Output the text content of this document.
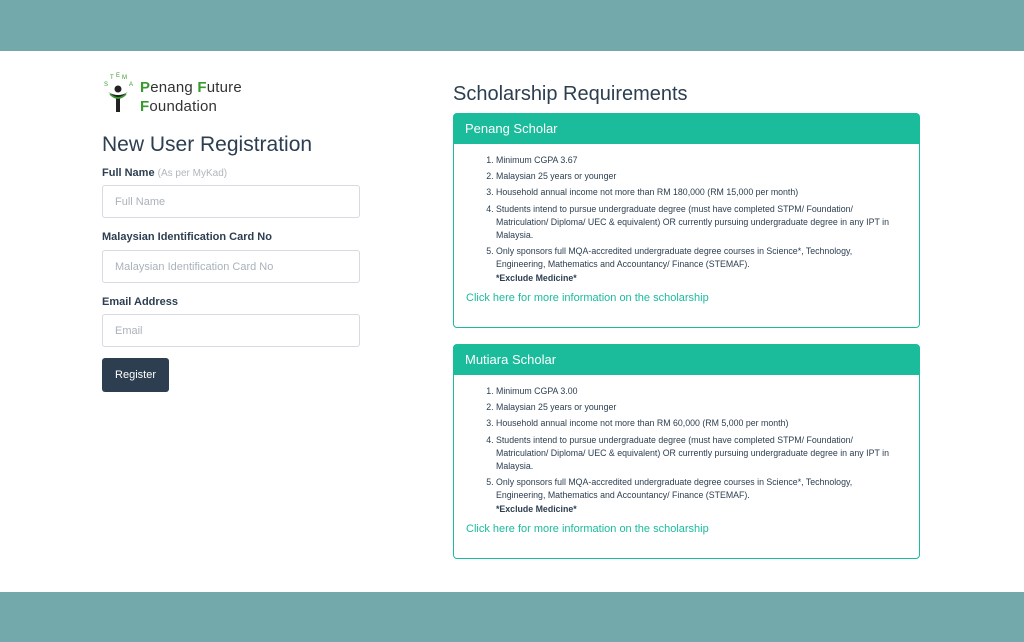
S
T E M
A Penang Future
Foundation
New User Registration
Full Name (As per MyKad)
Full Name
Malaysian Identification Card No
Malaysian Identification Card No
Email Address
Email
Register
Scholarship Requirements
Penang Scholar
1. Minimum CGPA 3.67
2. Malaysian 25 years or younger
3. Household annual income not more than RM 180,000 (RM 15,000 per month)
4. Students intend to pursue undergraduate degree (must have completed STPM/ Foundation/ Matriculation/ Diploma/ UEC & equivalent) OR currently pursuing undergraduate degree in any IPT in Malaysia.
5. Only sponsors full MQA-accredited undergraduate degree courses in Science*, Technology, Engineering, Mathematics and Accountancy/ Finance (STEMAF).
*Exclude Medicine*
Click here for more information on the scholarship
Mutiara Scholar
1. Minimum CGPA 3.00
2. Malaysian 25 years or younger
3. Household annual income not more than RM 60,000 (RM 5,000 per month)
4. Students intend to pursue undergraduate degree (must have completed STPM/ Foundation/ Matriculation/ Diploma/ UEC & equivalent) OR currently pursuing undergraduate degree in any IPT in Malaysia.
5. Only sponsors full MQA-accredited undergraduate degree courses in Science*, Technology, Engineering, Mathematics and Accountancy/ Finance (STEMAF).
*Exclude Medicine*
Click here for more information on the scholarship
